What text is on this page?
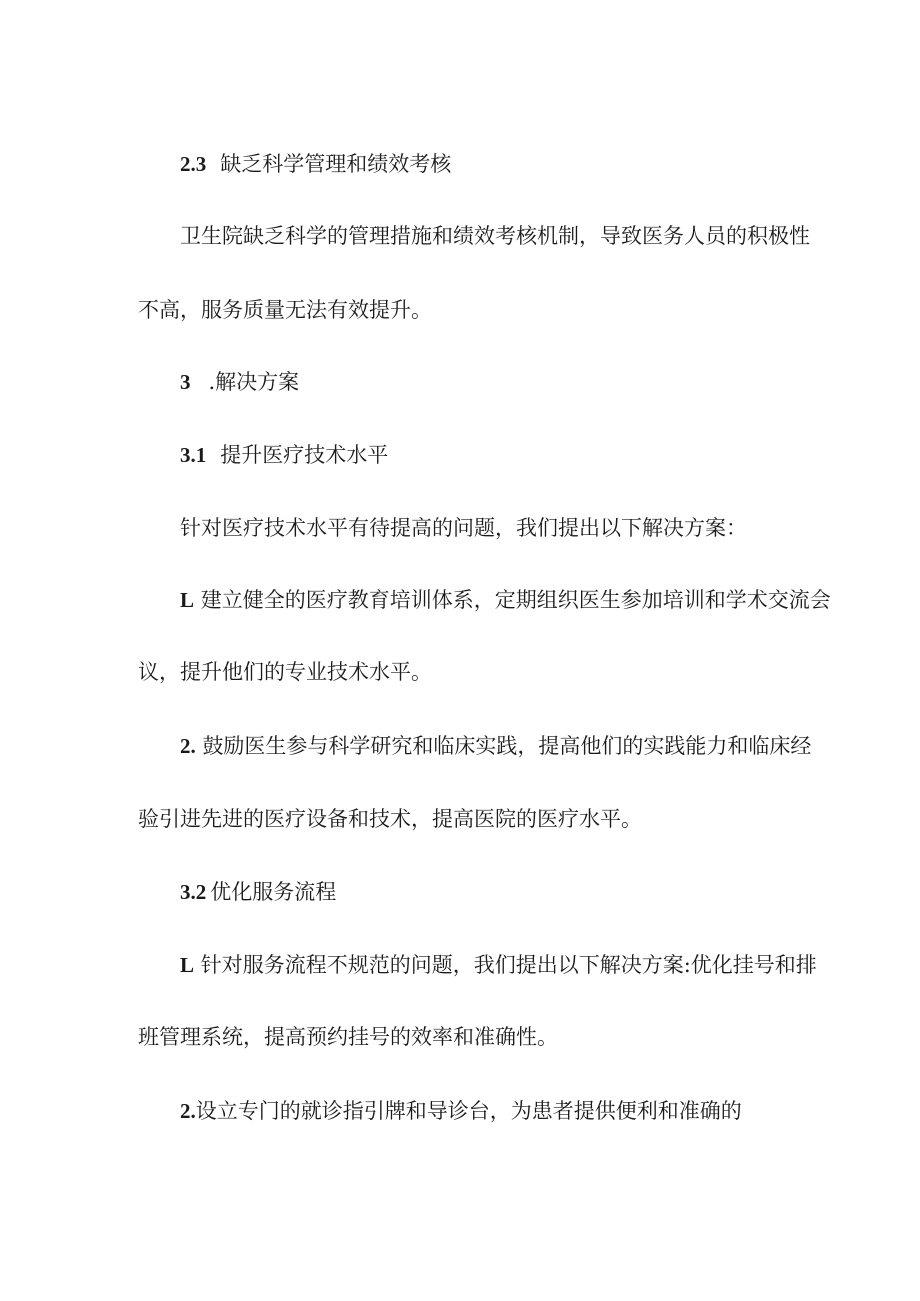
2.3 缺乏科学管理和绩效考核
卫生院缺乏科学的管理措施和绩效考核机制，导致医务人员的积极性
不高，服务质量无法有效提升。
3 .解决方案
3.1 提升医疗技术水平
针对医疗技术水平有待提高的问题，我们提出以下解决方案：
L 建立健全的医疗教育培训体系，定期组织医生参加培训和学术交流会
议，提升他们的专业技术水平。
2. 鼓励医生参与科学研究和临床实践，提高他们的实践能力和临床经
验引进先进的医疗设备和技术，提高医院的医疗水平。
3.2 优化服务流程
L 针对服务流程不规范的问题，我们提出以下解决方案:优化挂号和排
班管理系统，提高预约挂号的效率和准确性。
2.设立专门的就诊指引牌和导诊台，为患者提供便利和准确的
